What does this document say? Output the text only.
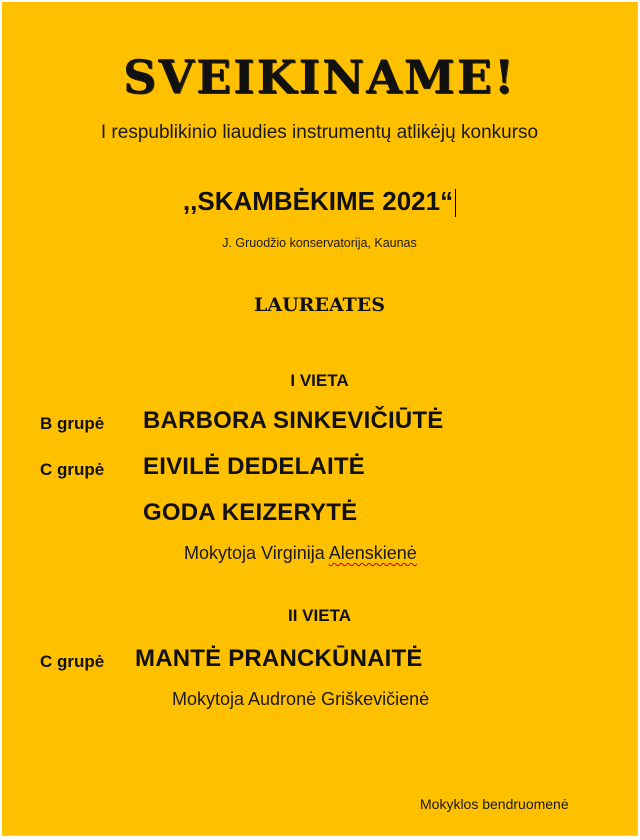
SVEIKINAME!
I respublikinio liaudies instrumentų atlikėjų konkurso
,,SKAMBĖKIME 2021“
J. Gruodžio konservatorija, Kaunas
LAUREATES
I VIETA
B grupė BARBORA SINKEVIČIŪTĖ
C grupė EIVILĖ DEDELAITĖ
GODA KEIZERYTĖ
Mokytoja Virginija Alenskienė
II VIETA
C grupė MANTĖ PRANCKŪNAITĖ
Mokytoja Audronė Griškevičienė
Mokyklos bendruomenė
